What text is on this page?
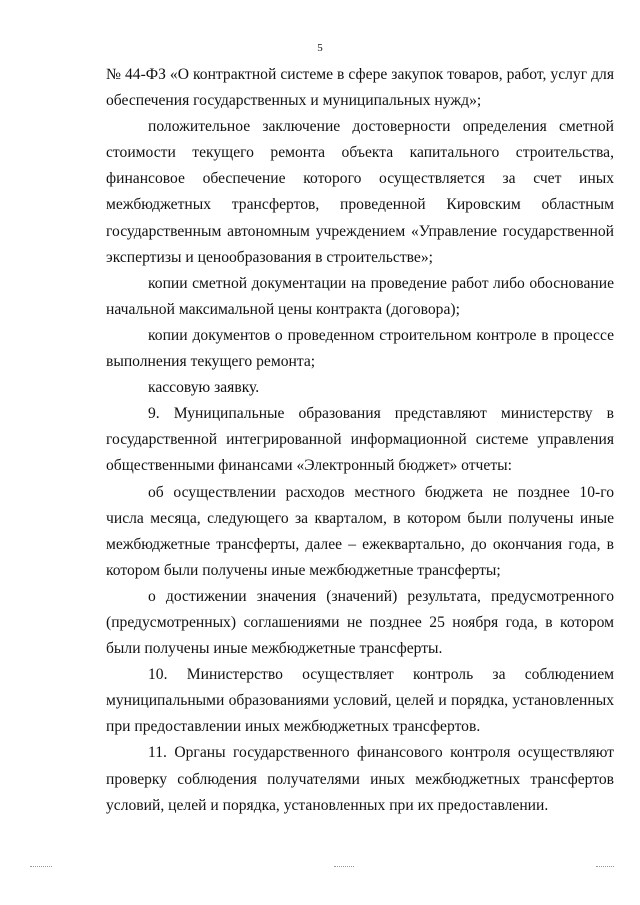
5

№ 44-ФЗ «О контрактной системе в сфере закупок товаров, работ, услуг для обеспечения государственных и муниципальных нужд»;

положительное заключение достоверности определения сметной стоимости текущего ремонта объекта капитального строительства, финансовое обеспечение которого осуществляется за счет иных межбюджетных трансфертов, проведенной Кировским областным государственным автономным учреждением «Управление государственной экспертизы и ценообразования в строительстве»;

копии сметной документации на проведение работ либо обоснование начальной максимальной цены контракта (договора);

копии документов о проведенном строительном контроле в процессе выполнения текущего ремонта;

кассовую заявку.

9. Муниципальные образования представляют министерству в государственной интегрированной информационной системе управления общественными финансами «Электронный бюджет» отчеты:

об осуществлении расходов местного бюджета не позднее 10-го числа месяца, следующего за кварталом, в котором были получены иные межбюджетные трансферты, далее – ежеквартально, до окончания года, в котором были получены иные межбюджетные трансферты;

о достижении значения (значений) результата, предусмотренного (предусмотренных) соглашениями не позднее 25 ноября года, в котором были получены иные межбюджетные трансферты.

10. Министерство осуществляет контроль за соблюдением муниципальными образованиями условий, целей и порядка, установленных при предоставлении иных межбюджетных трансфертов.

11. Органы государственного финансового контроля осуществляют проверку соблюдения получателями иных межбюджетных трансфертов условий, целей и порядка, установленных при их предоставлении.
